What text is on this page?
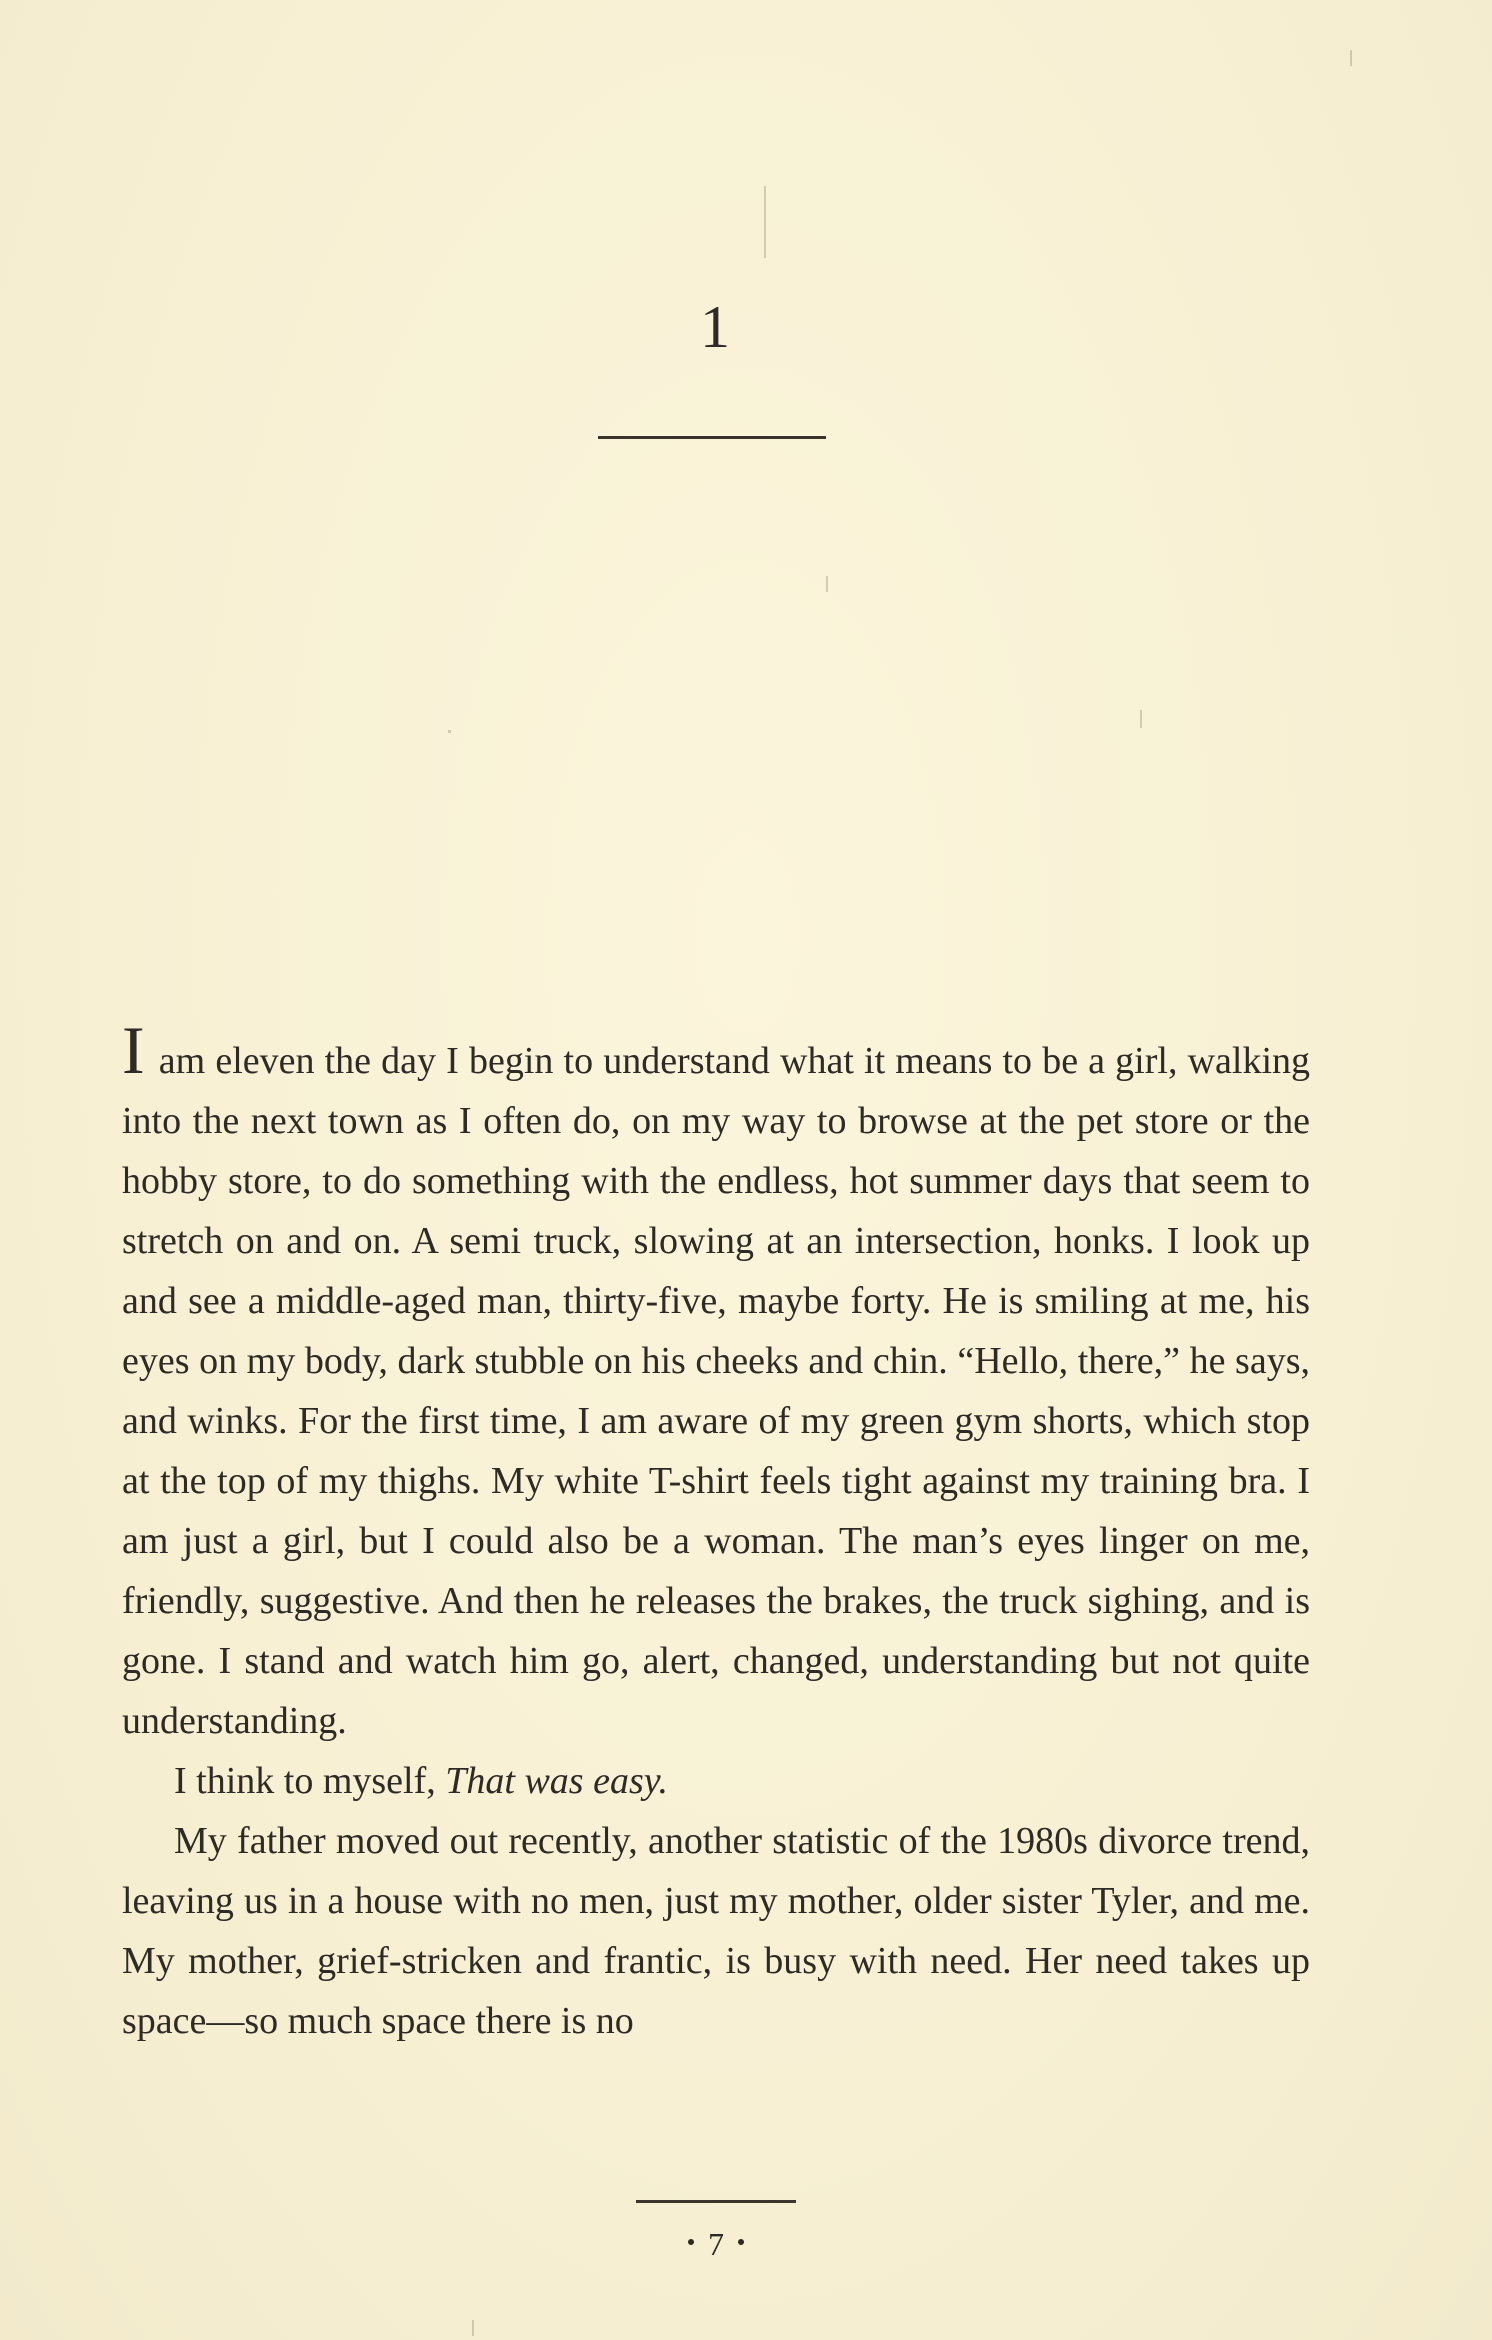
1

I am eleven the day I begin to understand what it means to be a girl, walking into the next town as I often do, on my way to browse at the pet store or the hobby store, to do something with the endless, hot summer days that seem to stretch on and on. A semi truck, slowing at an intersection, honks. I look up and see a middle-aged man, thirty-five, maybe forty. He is smiling at me, his eyes on my body, dark stubble on his cheeks and chin. “Hello, there,” he says, and winks. For the first time, I am aware of my green gym shorts, which stop at the top of my thighs. My white T-shirt feels tight against my training bra. I am just a girl, but I could also be a woman. The man’s eyes linger on me, friendly, suggestive. And then he releases the brakes, the truck sighing, and is gone. I stand and watch him go, alert, changed, understanding but not quite understanding.

I think to myself, That was easy.

My father moved out recently, another statistic of the 1980s divorce trend, leaving us in a house with no men, just my mother, older sister Tyler, and me. My mother, grief-stricken and frantic, is busy with need. Her need takes up space—so much space there is no

7
